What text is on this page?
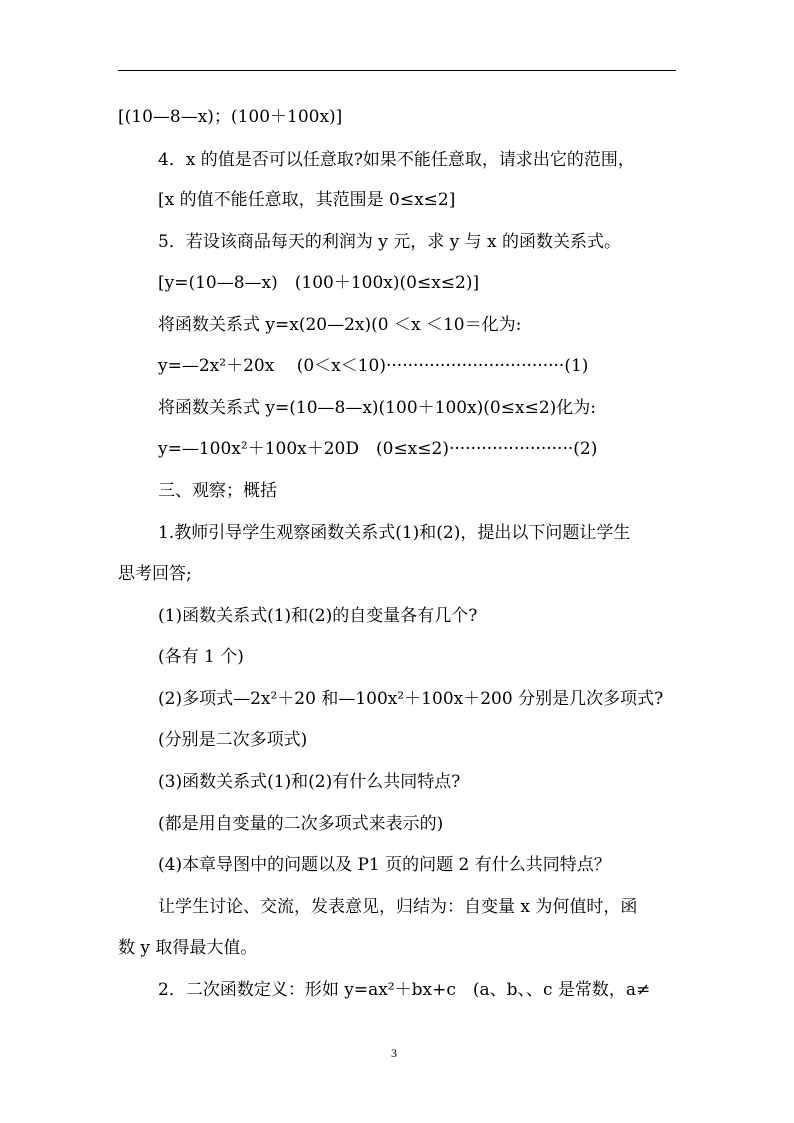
[(10—8—x)；(100＋100x)]
4．x 的值是否可以任意取?如果不能任意取，请求出它的范围，
[x 的值不能任意取，其范围是 0≤x≤2]
5．若设该商品每天的利润为 y 元，求 y 与 x 的函数关系式。
[y=(10—8—x)　(100＋100x)(0≤x≤2)]
将函数关系式 y=x(20—2x)(0 ＜x ＜10＝化为:
y=—2x²＋20x　 (0＜x＜10)·································(1)
将函数关系式 y=(10—8—x)(100＋100x)(0≤x≤2)化为:
y=—100x²＋100x＋20D　(0≤x≤2)·······················(2)
三、观察；概括
1.教师引导学生观察函数关系式(1)和(2)，提出以下问题让学生
思考回答;
(1)函数关系式(1)和(2)的自变量各有几个?
(各有 1 个)
(2)多项式—2x²＋20 和—100x²＋100x＋200 分别是几次多项式?
(分别是二次多项式)
(3)函数关系式(1)和(2)有什么共同特点?
(都是用自变量的二次多项式来表示的)
(4)本章导图中的问题以及 P1 页的问题 2 有什么共同特点？
让学生讨论、交流，发表意见，归结为：自变量 x 为何值时，函
数 y 取得最大值。
2．二次函数定义：形如 y=ax²＋bx+c　(a、b、、c 是常数，a≠
3
